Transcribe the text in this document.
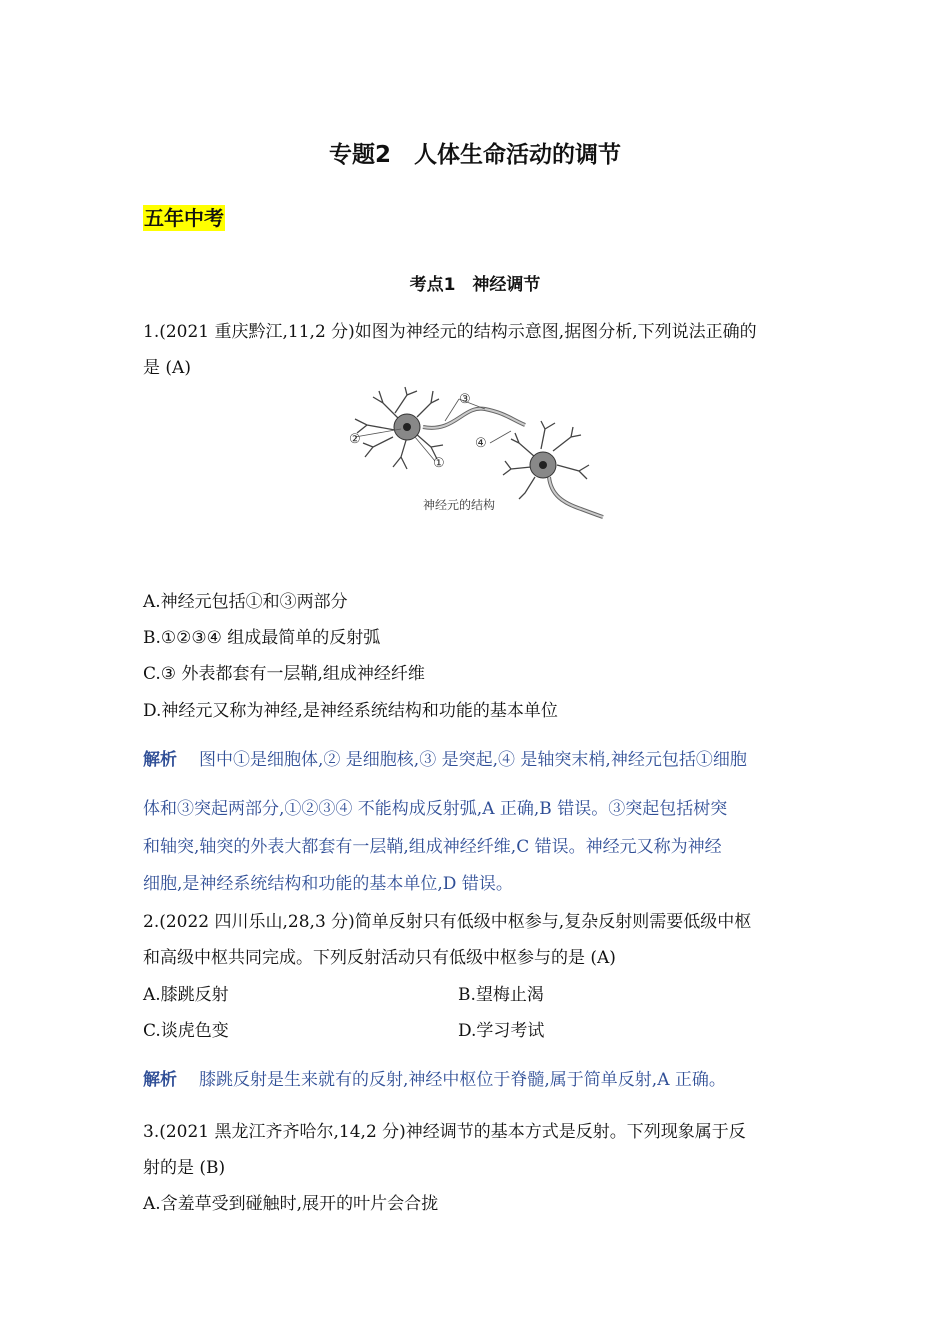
专题2　人体生命活动的调节
五年中考
考点1　神经调节
1.(2021 重庆黔江,11,2 分)如图为神经元的结构示意图,据图分析,下列说法正确的
是 (A)
②
①
③
④
神经元的结构
A.神经元包括①和③两部分
B.①②③④ 组成最简单的反射弧
C.③ 外表都套有一层鞘,组成神经纤维
D.神经元又称为神经,是神经系统结构和功能的基本单位
解析 图中①是细胞体,② 是细胞核,③ 是突起,④ 是轴突末梢,神经元包括①细胞
体和③突起两部分,①②③④ 不能构成反射弧,A 正确,B 错误。③突起包括树突
和轴突,轴突的外表大都套有一层鞘,组成神经纤维,C 错误。神经元又称为神经
细胞,是神经系统结构和功能的基本单位,D 错误。
2.(2022 四川乐山,28,3 分)简单反射只有低级中枢参与,复杂反射则需要低级中枢
和高级中枢共同完成。下列反射活动只有低级中枢参与的是 (A)
A.膝跳反射	B.望梅止渴
C.谈虎色变	D.学习考试
解析 膝跳反射是生来就有的反射,神经中枢位于脊髓,属于简单反射,A 正确。
3.(2021 黑龙江齐齐哈尔,14,2 分)神经调节的基本方式是反射。下列现象属于反
射的是 (B)
A.含羞草受到碰触时,展开的叶片会合拢
